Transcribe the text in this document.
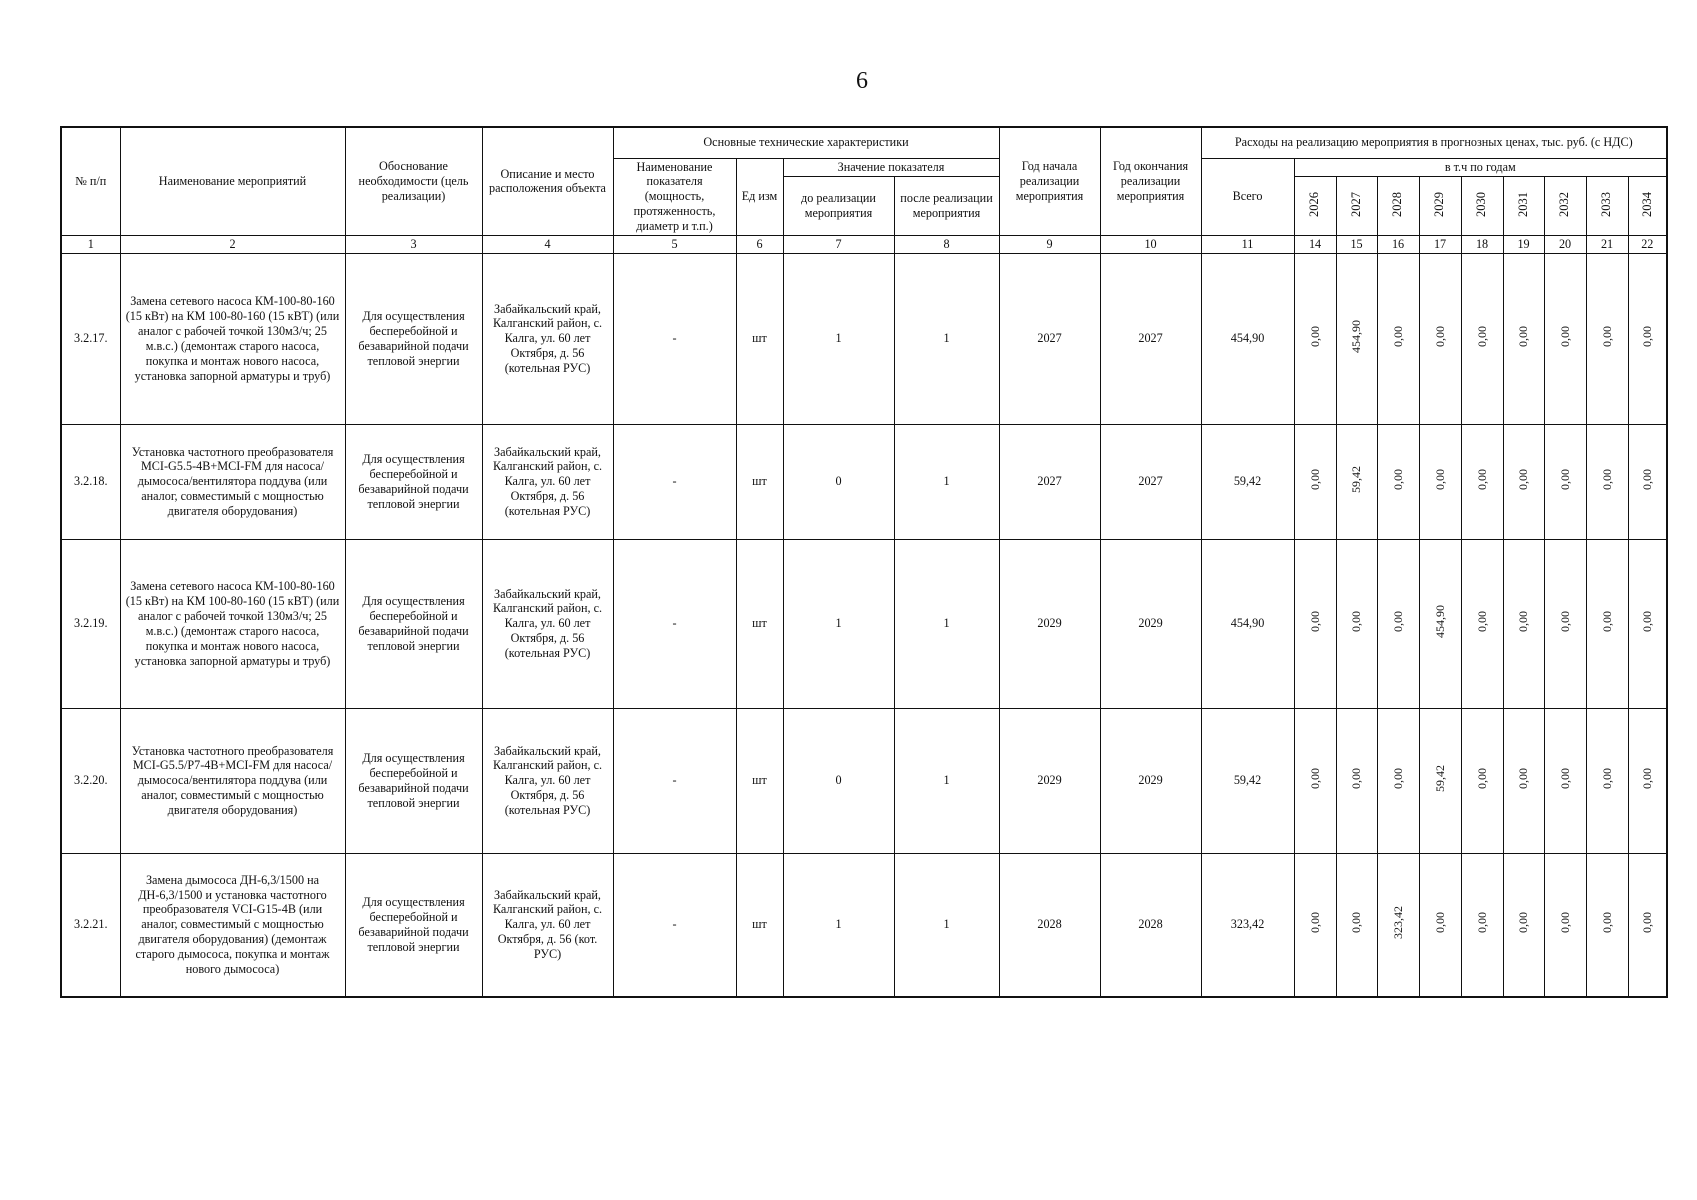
6
№ п/п	Наименование мероприятий	Обоснование необходимости (цель реализации)	Описание и место расположения объекта	Основные технические характеристики				Год начала реализации мероприятия	Год окончания реализации мероприятия	Расходы на реализацию мероприятия в прогнозных ценах, тыс. руб. (с НДС)									
				Наименование показателя (мощность, протяженность, диаметр и т.п.)	Ед изм	Значение показателя				Всего	в т.ч по годам								
						до реализации мероприятия	после реализации мероприятия				2026	2027	2028	2029	2030	2031	2032	2033	2034
1	2	3	4	5	6	7	8	9	10	11	14	15	16	17	18	19	20	21	22
3.2.17.	Замена сетевого насоса КМ-100-80-160 (15 кВт) на КМ 100-80-160 (15 кВТ) (или аналог с рабочей точкой 130м3/ч; 25 м.в.с.) (демонтаж старого насоса, покупка и монтаж нового насоса, установка запорной арматуры и труб)	Для осуществления бесперебойной и безаварийной подачи тепловой энергии	Забайкальский край, Калганский район, с. Калга, ул. 60 лет Октября, д. 56 (котельная РУС)	-	шт	1	1	2027	2027	454,90	0,00	454,90	0,00	0,00	0,00	0,00	0,00	0,00	0,00
3.2.18.	Установка частотного преобразователя MCI-G5.5-4B+MCI-FM для насоса/дымососа/вентилятора поддува (или аналог, совместимый с мощностью двигателя оборудования)	Для осуществления бесперебойной и безаварийной подачи тепловой энергии	Забайкальский край, Калганский район, с. Калга, ул. 60 лет Октября, д. 56 (котельная РУС)	-	шт	0	1	2027	2027	59,42	0,00	59,42	0,00	0,00	0,00	0,00	0,00	0,00	0,00
3.2.19.	Замена сетевого насоса КМ-100-80-160 (15 кВт) на КМ 100-80-160 (15 кВТ) (или аналог с рабочей точкой 130м3/ч; 25 м.в.с.) (демонтаж старого насоса, покупка и монтаж нового насоса, установка запорной арматуры и труб)	Для осуществления бесперебойной и безаварийной подачи тепловой энергии	Забайкальский край, Калганский район, с. Калга, ул. 60 лет Октября, д. 56 (котельная РУС)	-	шт	1	1	2029	2029	454,90	0,00	0,00	0,00	454,90	0,00	0,00	0,00	0,00	0,00
3.2.20.	Установка частотного преобразователя MCI-G5.5/P7-4B+MCI-FM для насоса/дымососа/вентилятора поддува (или аналог, совместимый с мощностью двигателя оборудования)	Для осуществления бесперебойной и безаварийной подачи тепловой энергии	Забайкальский край, Калганский район, с. Калга, ул. 60 лет Октября, д. 56 (котельная РУС)	-	шт	0	1	2029	2029	59,42	0,00	0,00	0,00	59,42	0,00	0,00	0,00	0,00	0,00
3.2.21.	Замена дымососа ДН-6,3/1500 на ДН-6,3/1500 и установка частотного преобразователя VCI-G15-4B (или аналог, совместимый с мощностью двигателя оборудования) (демонтаж старого дымососа, покупка и монтаж нового дымососа)	Для осуществления бесперебойной и безаварийной подачи тепловой энергии	Забайкальский край, Калганский район, с. Калга, ул. 60 лет Октября, д. 56 (кот. РУС)	-	шт	1	1	2028	2028	323,42	0,00	0,00	323,42	0,00	0,00	0,00	0,00	0,00	0,00
